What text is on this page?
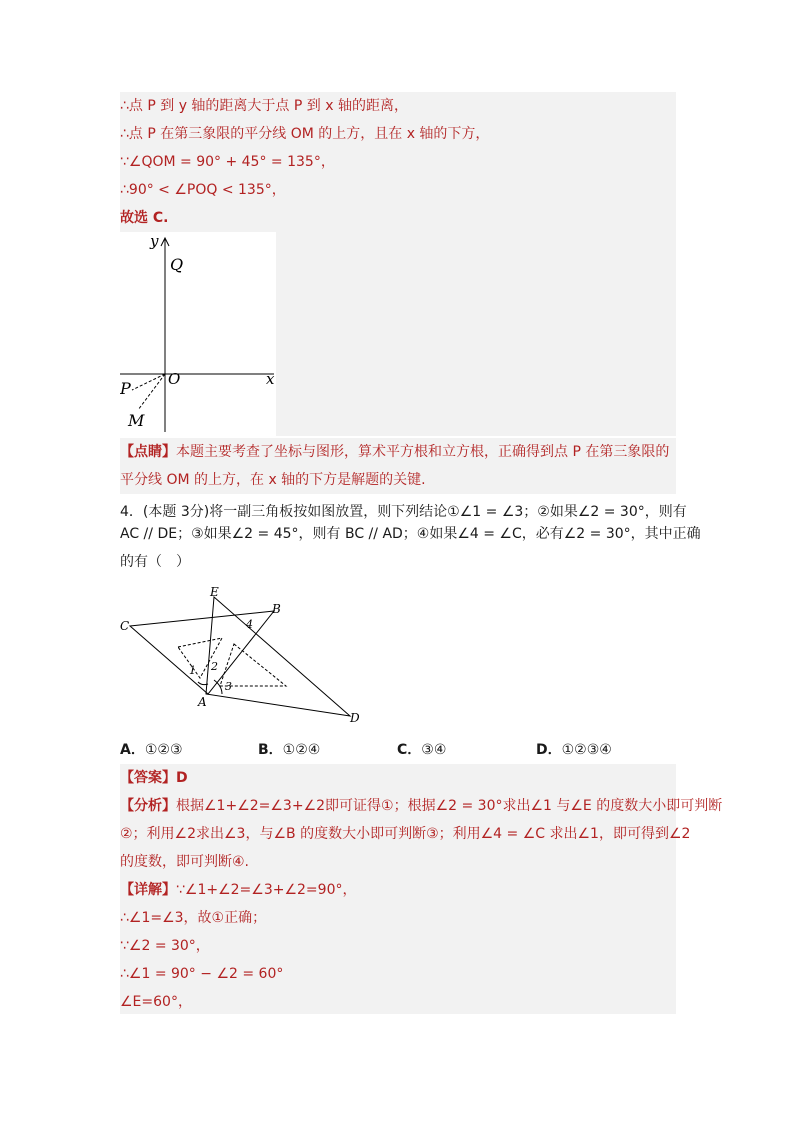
∴点 P 到 y 轴的距离大于点 P 到 x 轴的距离，
∴点 P 在第三象限的平分线 OM 的上方，且在 x 轴的下方，
∵∠QOM = 90° + 45° = 135°，
∴90° < ∠POQ < 135°，
故选 C.
y
Q
O	x
P
M
【点睛】本题主要考查了坐标与图形，算术平方根和立方根，正确得到点 P 在第三象限的
平分线 OM 的上方，在 x 轴的下方是解题的关键.
4．(本题 3分)将一副三角板按如图放置，则下列结论①∠1 = ∠3；②如果∠2 = 30°，则有
AC // DE；③如果∠2 = 45°，则有 BC // AD；④如果∠4 = ∠C，必有∠2 = 30°，其中正确
的有（　）
E
B
C	4
1 2
3
A
D
A．①②③	B．①②④	C．③④	D．①②③④
【答案】D
【分析】根据∠1+∠2=∠3+∠2即可证得①；根据∠2 = 30°求出∠1 与∠E 的度数大小即可判断
②；利用∠2求出∠3，与∠B 的度数大小即可判断③；利用∠4 = ∠C 求出∠1，即可得到∠2
的度数，即可判断④.
【详解】∵∠1+∠2=∠3+∠2=90°，
∴∠1=∠3，故①正确；
∵∠2 = 30°，
∴∠1 = 90° − ∠2 = 60°
∠E=60°，
